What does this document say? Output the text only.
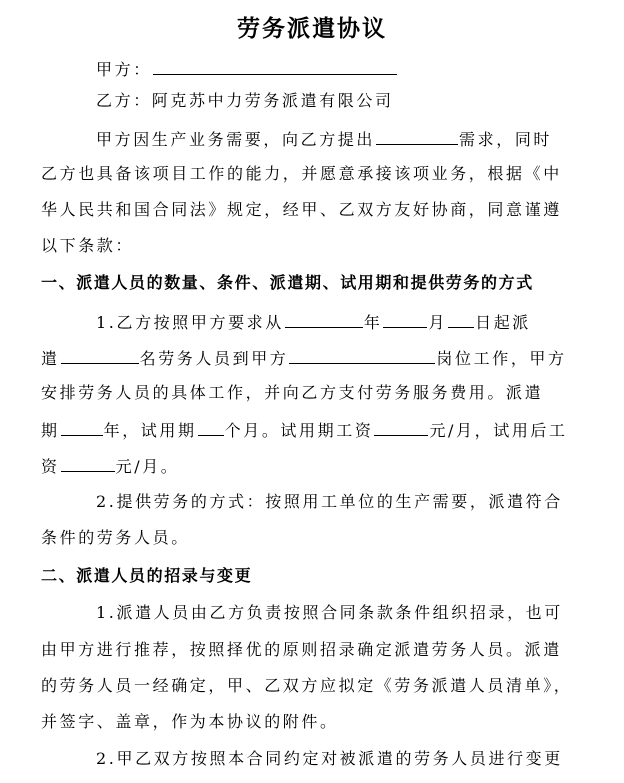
劳务派遣协议
甲方：
乙方：阿克苏中力劳务派遣有限公司
甲方因生产业务需要，向乙方提出	需求，同时
乙方也具备该项目工作的能力，并愿意承接该项业务，根据《中
华人民共和国合同法》规定，经甲、乙双方友好协商，同意谨遵
以下条款：
一、派遣人员的数量、条件、派遣期、试用期和提供劳务的方式
1.乙方按照甲方要求从	年	月 日起派
遣	名劳务人员到甲方	岗位工作，甲方
安排劳务人员的具体工作，并向乙方支付劳务服务费用。派遣
期	年，试用期 个月。试用期工资	元/月，试用后工
资	元/月。
2.提供劳务的方式：按照用工单位的生产需要，派遣符合
条件的劳务人员。
二、派遣人员的招录与变更
1.派遣人员由乙方负责按照合同条款条件组织招录，也可
由甲方进行推荐，按照择优的原则招录确定派遣劳务人员。派遣
的劳务人员一经确定，甲、乙双方应拟定《劳务派遣人员清单》，
并签字、盖章，作为本协议的附件。
2.甲乙双方按照本合同约定对被派遣的劳务人员进行变更
